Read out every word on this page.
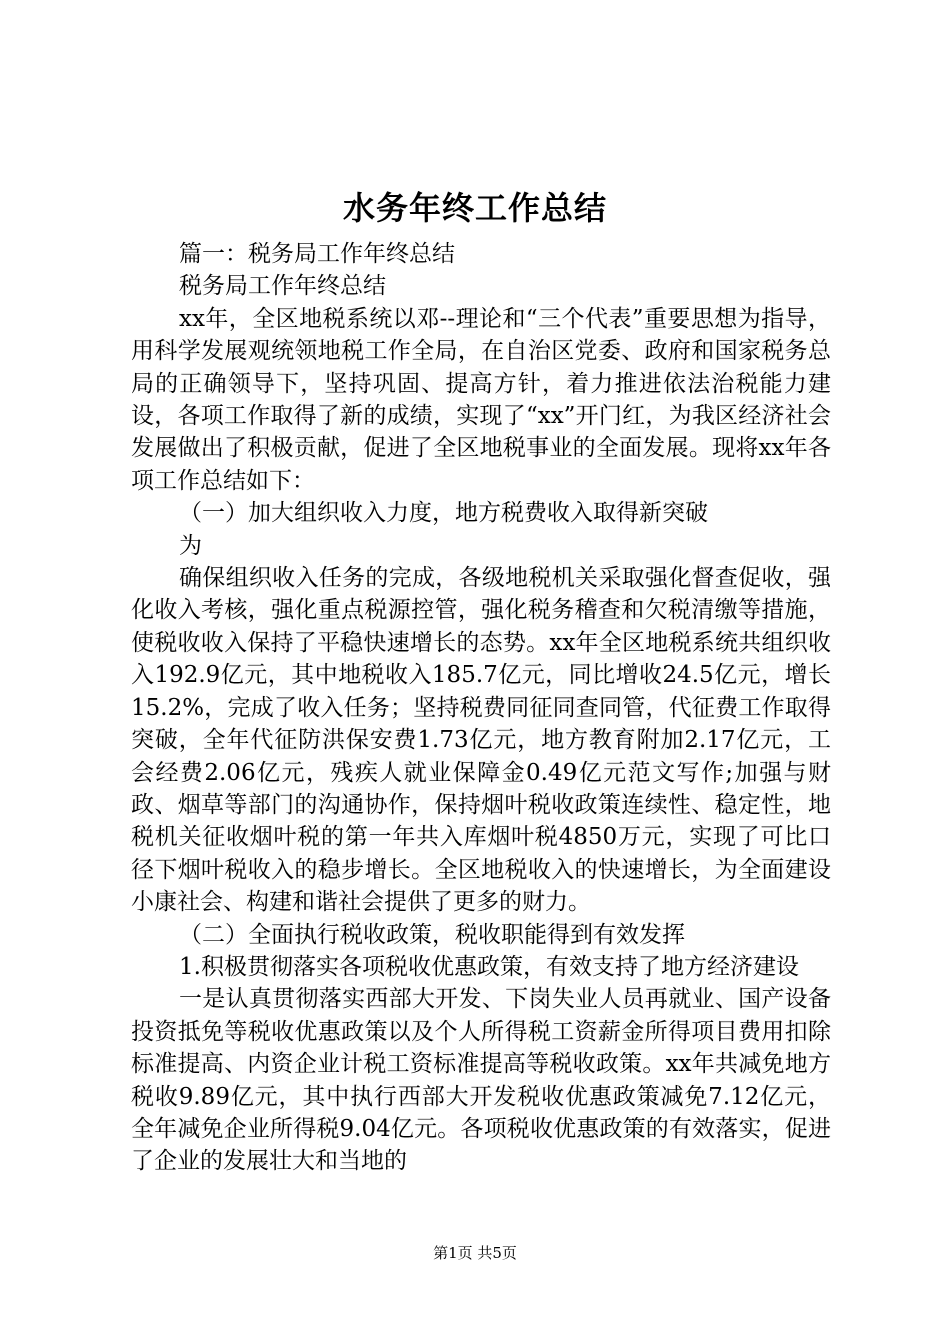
水务年终工作总结

篇一：税务局工作年终总结

税务局工作年终总结

xx年，全区地税系统以邓--理论和“三个代表”重要思想为指导，用科学发展观统领地税工作全局，在自治区党委、政府和国家税务总局的正确领导下，坚持巩固、提高方针，着力推进依法治税能力建设，各项工作取得了新的成绩，实现了“xx”开门红，为我区经济社会发展做出了积极贡献，促进了全区地税事业的全面发展。现将xx年各项工作总结如下：

（一）加大组织收入力度，地方税费收入取得新突破

为

确保组织收入任务的完成，各级地税机关采取强化督查促收，强化收入考核，强化重点税源控管，强化税务稽查和欠税清缴等措施，使税收收入保持了平稳快速增长的态势。xx年全区地税系统共组织收入192.9亿元，其中地税收入185.7亿元，同比增收24.5亿元，增长15.2%，完成了收入任务；坚持税费同征同查同管，代征费工作取得突破，全年代征防洪保安费1.73亿元，地方教育附加2.17亿元，工会经费2.06亿元，残疾人就业保障金0.49亿元范文写作;加强与财政、烟草等部门的沟通协作，保持烟叶税收政策连续性、稳定性，地税机关征收烟叶税的第一年共入库烟叶税4850万元，实现了可比口径下烟叶税收入的稳步增长。全区地税收入的快速增长，为全面建设小康社会、构建和谐社会提供了更多的财力。

（二）全面执行税收政策，税收职能得到有效发挥

1.积极贯彻落实各项税收优惠政策，有效支持了地方经济建设

一是认真贯彻落实西部大开发、下岗失业人员再就业、国产设备投资抵免等税收优惠政策以及个人所得税工资薪金所得项目费用扣除标准提高、内资企业计税工资标准提高等税收政策。xx年共减免地方税收9.89亿元，其中执行西部大开发税收优惠政策减免7.12亿元，全年减免企业所得税9.04亿元。各项税收优惠政策的有效落实，促进了企业的发展壮大和当地的

第1页 共5页
